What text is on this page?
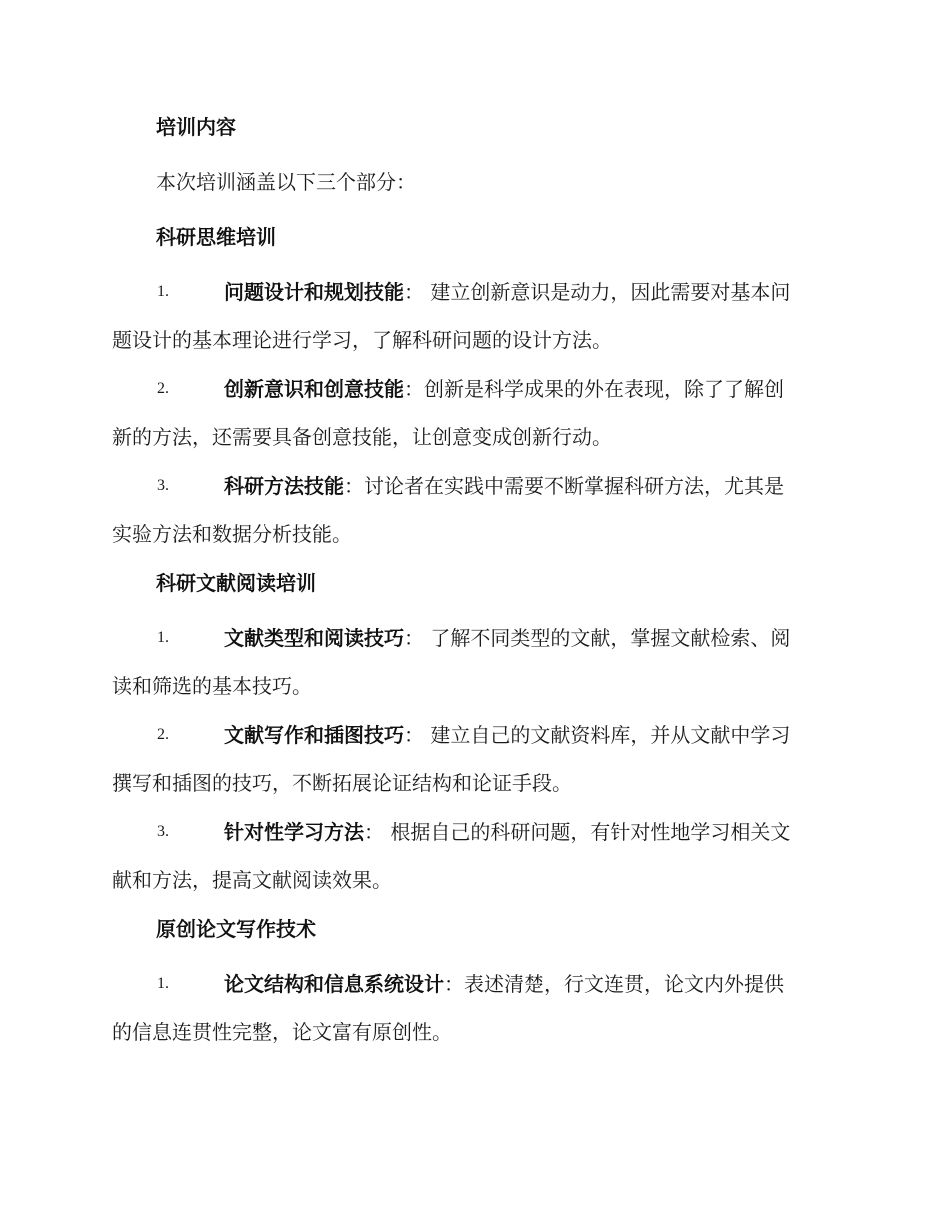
培训内容
本次培训涵盖以下三个部分：
科研思维培训
1.	问题设计和规划技能： 建立创新意识是动力，因此需要对基本问
题设计的基本理论进行学习，了解科研问题的设计方法。
2.	创新意识和创意技能：创新是科学成果的外在表现，除了了解创
新的方法，还需要具备创意技能，让创意变成创新行动。
3.	科研方法技能：讨论者在实践中需要不断掌握科研方法，尤其是
实验方法和数据分析技能。
科研文献阅读培训
1.	文献类型和阅读技巧： 了解不同类型的文献，掌握文献检索、阅
读和筛选的基本技巧。
2.	文献写作和插图技巧： 建立自己的文献资料库，并从文献中学习
撰写和插图的技巧，不断拓展论证结构和论证手段。
3.	针对性学习方法： 根据自己的科研问题，有针对性地学习相关文
献和方法，提高文献阅读效果。
原创论文写作技术
1.	论文结构和信息系统设计：表述清楚，行文连贯，论文内外提供
的信息连贯性完整，论文富有原创性。
